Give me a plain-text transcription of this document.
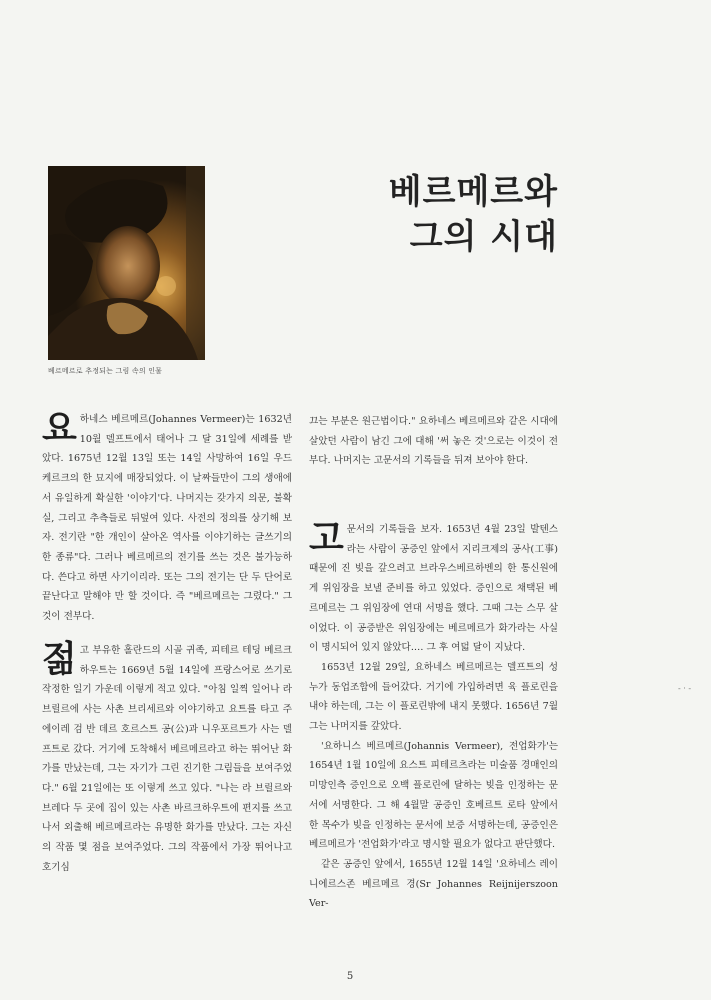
베르메르로 추정되는 그림 속의 인물
베르메르와
그의 시대

요하네스 베르메르(Johannes Vermeer)는 1632년 10월 델프트에서 태어나 그 달 31일에 세례를 받았다. 1675년 12월 13일 또는 14일 사망하여 16일 우드 케르크의 한 묘지에 매장되었다. 이 날짜들만이 그의 생애에서 유일하게 확실한 '이야기'다. 나머지는 갖가지 의문, 불확실, 그리고 추측들로 뒤덮여 있다. 사전의 정의를 상기해 보자. 전기란 "한 개인이 살아온 역사를 이야기하는 글쓰기의 한 종류"다. 그러나 베르메르의 전기를 쓰는 것은 불가능하다. 쓴다고 하면 사기이리라. 또는 그의 전기는 단 두 단어로 끝난다고 말해야 만 할 것이다. 즉 "베르메르는 그렸다." 그것이 전부다.

젊고 부유한 홀란드의 시골 귀족, 피테르 테딩 베르크하우트는 1669년 5월 14일에 프랑스어로 쓰기로 작정한 일기 가운데 이렇게 적고 있다. "아침 일찍 일어나 라 브릴르에 사는 사촌 브리세르와 이야기하고 요트를 타고 주에이레 검 반 데르 호르스트 공(公)과 니우포르트가 사는 델프트로 갔다. 거기에 도착해서 베르메르라고 하는 뛰어난 화가를 만났는데, 그는 자기가 그린 진기한 그림들을 보여주었다." 6월 21일에는 또 이렇게 쓰고 있다. "나는 라 브릴르와 브레다 두 곳에 집이 있는 사촌 바르크하우트에 편지를 쓰고 나서 외출해 베르메르라는 유명한 화가를 만났다. 그는 자신의 작품 몇 점을 보여주었다. 그의 작품에서 가장 뛰어나고 호기심

끄는 부분은 원근법이다." 요하네스 베르메르와 같은 시대에 살았던 사람이 남긴 그에 대해 '써 놓은 것'으로는 이것이 전부다. 나머지는 고문서의 기록들을 뒤져 보아야 한다.

고문서의 기록들을 보자. 1653년 4월 23일 발텐스라는 사람이 공증인 앞에서 지리크제의 공사(工事) 때문에 진 빚을 갚으려고 브라우스베르하벤의 한 통신원에게 위임장을 보낼 준비를 하고 있었다. 증인으로 채택된 베르메르는 그 위임장에 연대 서명을 했다. 그때 그는 스무 살이었다. 이 공증받은 위임장에는 베르메르가 화가라는 사실이 명시되어 있지 않았다.… 그 후 여덟 달이 지났다.

1653년 12월 29일, 요하네스 베르메르는 델프트의 성 누가 동업조합에 들어갔다. 거기에 가입하려면 육 플로린을 내야 하는데, 그는 이 플로린밖에 내지 못했다. 1656년 7월 그는 나머지를 갚았다.

'요하니스 베르메르(Johannis Vermeer), 전업화가'는 1654년 1월 10일에 요스트 피테르츠라는 미술품 경매인의 미망인측 증인으로 오백 플로린에 달하는 빚을 인정하는 문서에 서명한다. 그 해 4월말 공증인 호베르트 로타 앞에서 한 목수가 빚을 인정하는 문서에 보증 서명하는데, 공증인은 베르메르가 '전업화가'라고 명시할 필요가 없다고 판단했다.

같은 공증인 앞에서, 1655년 12월 14일 '요하네스 레이니에르스존 베르메르 경(Sr Johannes Reijnijerszoon Ver-

- · -
5
